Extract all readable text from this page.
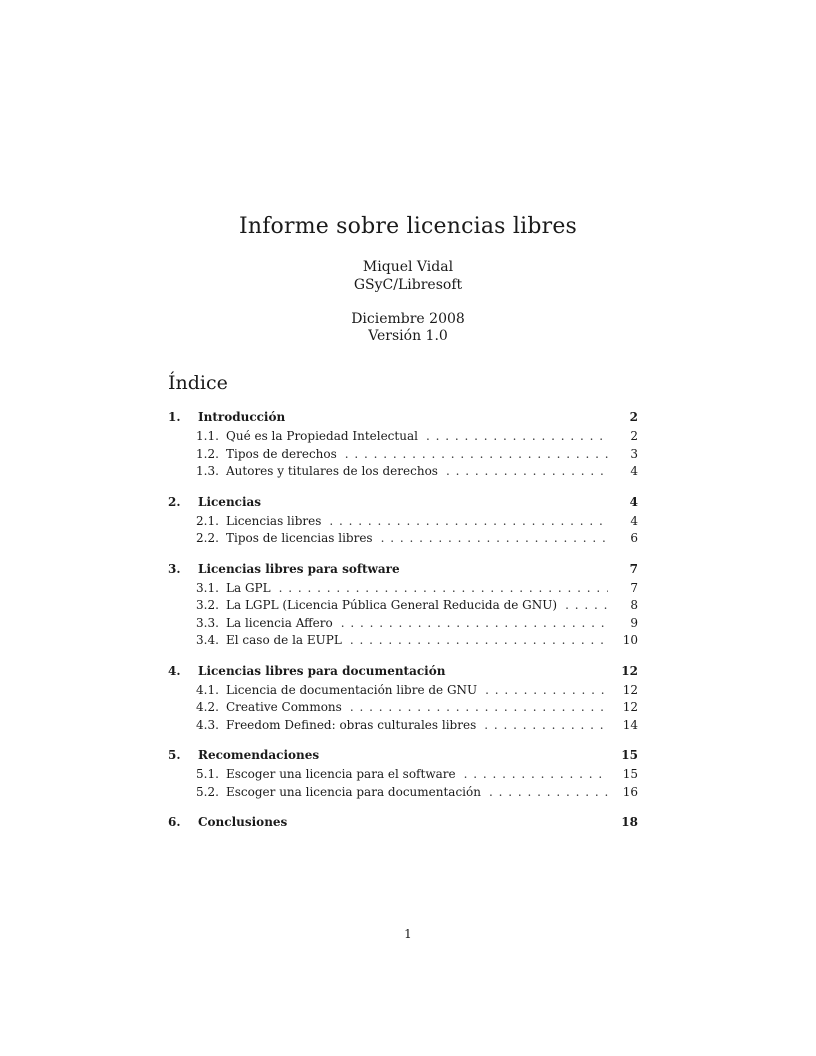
Informe sobre licencias libres
Miquel Vidal
GSyC/Libresoft
Diciembre 2008
Versión 1.0
Índice
1.	Introducción	2
1.1. Qué es la Propiedad Intelectual . . .	2
1.2. Tipos de derechos . . .	3
1.3. Autores y titulares de los derechos . . .	4
2.	Licencias	4
2.1. Licencias libres . . .	4
2.2. Tipos de licencias libres . . .	6
3.	Licencias libres para software	7
3.1. La GPL . . .	7
3.2. La LGPL (Licencia Pública General Reducida de GNU) . . .	8
3.3. La licencia Affero . . .	9
3.4. El caso de la EUPL . . .	10
4.	Licencias libres para documentación	12
4.1. Licencia de documentación libre de GNU . . .	12
4.2. Creative Commons . . .	12
4.3. Freedom Defined: obras culturales libres . . .	14
5.	Recomendaciones	15
5.1. Escoger una licencia para el software . . .	15
5.2. Escoger una licencia para documentación . . .	16
6.	Conclusiones	18
1
